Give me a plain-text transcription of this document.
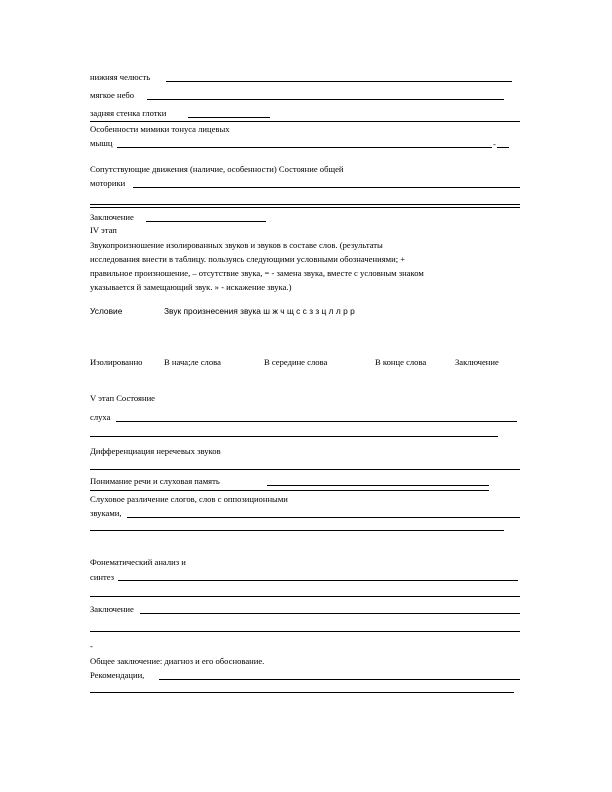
нижняя челюсть
мягкое небо
задняя стенка глотки
Особенности мимики тонуса лицевых
мышц	-
Сопутствующие движения (наличие, особенности) Состояние общей
моторики
Заключение
IV этап
Звукопроизношение изолированных звуков и звуков в составе слов. (результаты
исследования внести в таблицу. пользуясь следующими условными обозначениями; +
правильное произношение, – отсутствие звука, = - замена звука, вместе с условным знаком
указывается й замещающий звук. » - искажение звука.)
Условие	Звук произнесения звука ш ж ч щ с с з з ц л л р р
Изолированно	В нача;ле слова	В середине слова	В конце слова	Заключение
V этап Состояние
слуха
Дифференциация неречевых звуков
Понимание речи и слуховая память
Слуховое различение слогов, слов с оппозиционными
звуками,
Фонематический анализ и
синтез
Заключение
-
Общее заключение: диагноз и его обоснование.
Рекомендации,
